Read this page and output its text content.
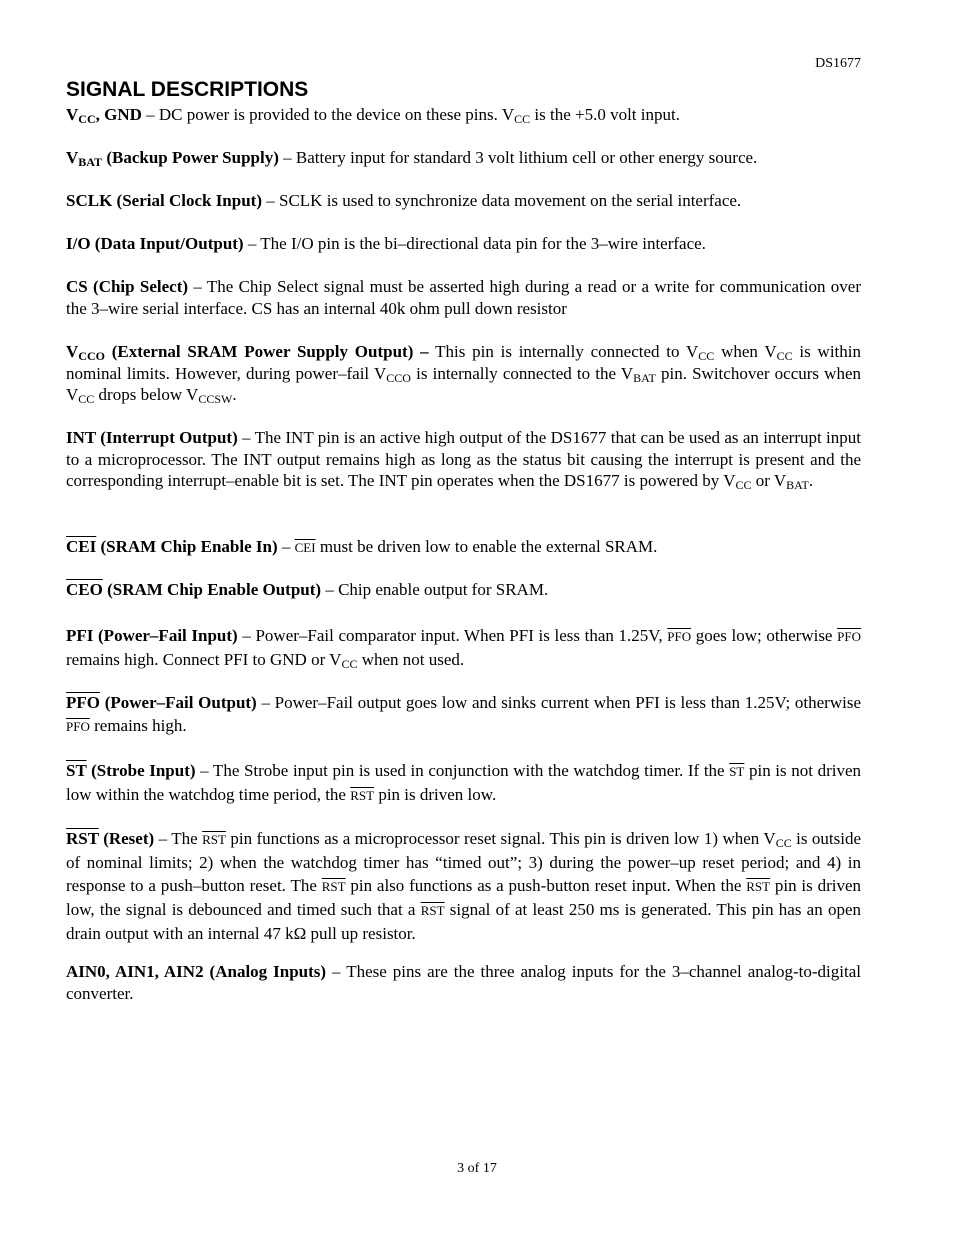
DS1677
SIGNAL DESCRIPTIONS

$V_{CC}$, GND – DC power is provided to the device on these pins. $V_{CC}$ is the +5.0 volt input.

$V_{BAT}$ (Backup Power Supply) – Battery input for standard 3 volt lithium cell or other energy source.

SCLK (Serial Clock Input) – SCLK is used to synchronize data movement on the serial interface.

I/O (Data Input/Output) – The I/O pin is the bi–directional data pin for the 3–wire interface.

CS (Chip Select) – The Chip Select signal must be asserted high during a read or a write for communication over the 3–wire serial interface. CS has an internal 40k ohm pull down resistor

$V_{CCO}$ (External SRAM Power Supply Output) – This pin is internally connected to $V_{CC}$ when $V_{CC}$ is within nominal limits. However, during power–fail $V_{CCO}$ is internally connected to the $V_{BAT}$ pin. Switchover occurs when $V_{CC}$ drops below $V_{CCSW}$.

INT (Interrupt Output) – The INT pin is an active high output of the DS1677 that can be used as an interrupt input to a microprocessor. The INT output remains high as long as the status bit causing the interrupt is present and the corresponding interrupt–enable bit is set. The INT pin operates when the DS1677 is powered by $V_{CC}$ or $V_{BAT}$.

$\overline{CEI}$ (SRAM Chip Enable $In) - \overline{CEI}$ must be driven low to enable the external SRAM.

$\overline{CEO}$ (SRAM Chip Enable Output) – Chip enable output for SRAM.

PFI (Power–Fail Input) – Power–Fail comparator input. When PFI is less than 1.25V, $\overline{PFO}$ goes low; otherwise $\overline{PFO}$ remains high. Connect PFI to GND or $V_{CC}$ when not used.

$\overline{PFO}$ (Power–Fail Output) – Power–Fail output goes low and sinks current when PFI is less than 1.25V; otherwise $\overline{PFO}$ remains high.

$\overline{ST}$ (Strobe Input) – The Strobe input pin is used in conjunction with the watchdog timer. If the $\overline{ST}$ pin is not driven low within the watchdog time period, the $\overline{RST}$ pin is driven low.

$\overline{RST}$ (Reset) – The $\overline{RST}$ pin functions as a microprocessor reset signal. This pin is driven low 1) when $V_{CC}$ is outside of nominal limits; 2) when the watchdog timer has “timed out”; 3) during the power–up reset period; and 4) in response to a push–button reset. The $\overline{RST}$ pin also functions as a push-button reset input. When the $\overline{RST}$ pin is driven low, the signal is debounced and timed such that a $\overline{RST}$ signal of at least 250 ms is generated. This pin has an open drain output with an internal 47 kΩ pull up resistor.

AIN0, AIN1, AIN2 (Analog Inputs) – These pins are the three analog inputs for the 3–channel analog-to-digital converter.

3 of 17
